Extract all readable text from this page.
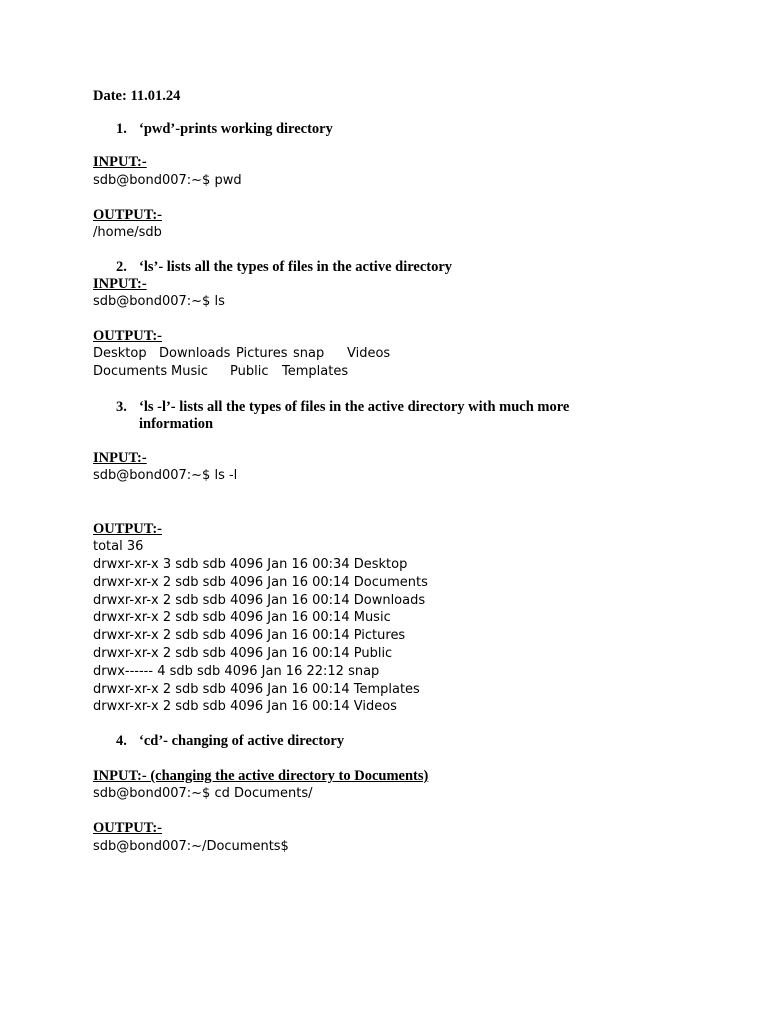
Date: 11.01.24
1. ‘pwd’-prints working directory
INPUT:-
sdb@bond007:~$ pwd
OUTPUT:-
/home/sdb
2. ‘ls’- lists all the types of files in the active directory
INPUT:-
sdb@bond007:~$ ls
OUTPUT:-
Desktop Downloads Pictures snap Videos
Documents Music Public Templates
3. ‘ls -l’- lists all the types of files in the active directory with much more
information
INPUT:-
sdb@bond007:~$ ls -l
OUTPUT:-
total 36
drwxr-xr-x 3 sdb sdb 4096 Jan 16 00:34 Desktop
drwxr-xr-x 2 sdb sdb 4096 Jan 16 00:14 Documents
drwxr-xr-x 2 sdb sdb 4096 Jan 16 00:14 Downloads
drwxr-xr-x 2 sdb sdb 4096 Jan 16 00:14 Music
drwxr-xr-x 2 sdb sdb 4096 Jan 16 00:14 Pictures
drwxr-xr-x 2 sdb sdb 4096 Jan 16 00:14 Public
drwx------ 4 sdb sdb 4096 Jan 16 22:12 snap
drwxr-xr-x 2 sdb sdb 4096 Jan 16 00:14 Templates
drwxr-xr-x 2 sdb sdb 4096 Jan 16 00:14 Videos
4. ‘cd’- changing of active directory
INPUT:- (changing the active directory to Documents)
sdb@bond007:~$ cd Documents/
OUTPUT:-
sdb@bond007:~/Documents$
